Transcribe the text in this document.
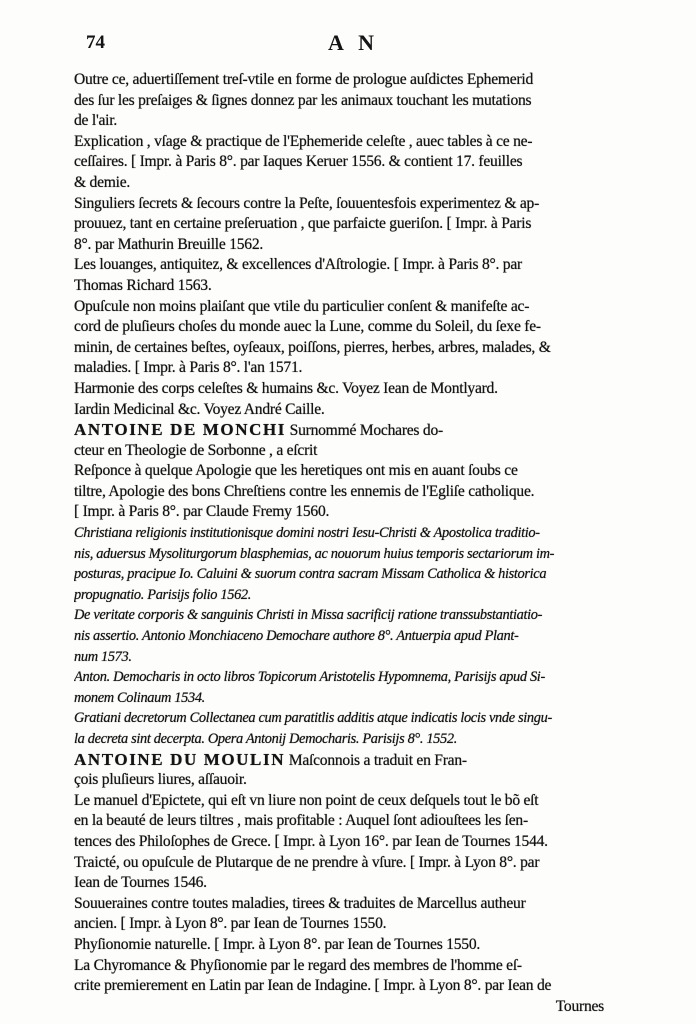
74	A N
Outre ce, aduertiſſement treſ-vtile en forme de prologue auſdictes Ephemerid
des ſur les preſaiges & ſignes donnez par les animaux touchant les mutations
de l'air.
Explication , vſage & practique de l'Ephemeride celeſte , auec tables à ce ne-
ceſſaires. [ Impr. à Paris 8°. par Iaques Keruer 1556. & contient 17. feuilles
& demie.
Singuliers ſecrets & ſecours contre la Peſte, ſouuentesfois experimentez & ap-
prouuez, tant en certaine preſeruation , que parfaicte gueriſon. [ Impr. à Paris
8°. par Mathurin Breuille 1562.
Les louanges, antiquitez, & excellences d'Aſtrologie. [ Impr. à Paris 8°. par
Thomas Richard 1563.
Opuſcule non moins plaiſant que vtile du particulier conſent & manifeſte ac-
cord de pluſieurs choſes du monde auec la Lune, comme du Soleil, du ſexe fe-
minin, de certaines beſtes, oyſeaux, poiſſons, pierres, herbes, arbres, malades, &
maladies. [ Impr. à Paris 8°. l'an 1571.
Harmonie des corps celeſtes & humains &c. Voyez Iean de Montlyard.
Iardin Medicinal &c. Voyez André Caille.
ANTOINE DE MONCHI Surnommé Mochares do-
cteur en Theologie de Sorbonne , a eſcrit
Reſponce à quelque Apologie que les heretiques ont mis en auant ſoubs ce
tiltre, Apologie des bons Chreſtiens contre les ennemis de l'Egliſe catholique.
[ Impr. à Paris 8°. par Claude Fremy 1560.
Christiana religionis institutionisque domini nostri Iesu-Christi & Apostolica traditio-
nis, aduersus Mysoliturgorum blasphemias, ac nouorum huius temporis sectariorum im-
posturas, pracipue Io. Caluini & suorum contra sacram Missam Catholica & historica
propugnatio. Parisijs folio 1562.
De veritate corporis & sanguinis Christi in Missa sacrificij ratione transsubstantiatio-
nis assertio. Antonio Monchiaceno Demochare authore 8°. Antuerpia apud Plant-
num 1573.
Anton. Democharis in octo libros Topicorum Aristotelis Hypomnema, Parisijs apud Si-
monem Colinaum 1534.
Gratiani decretorum Collectanea cum paratitlis additis atque indicatis locis vnde singu-
la decreta sint decerpta. Opera Antonij Democharis. Parisijs 8°. 1552.
ANTOINE DU MOULIN Maſconnois a traduit en Fran-
çois pluſieurs liures, aſſauoir.
Le manuel d'Epictete, qui eſt vn liure non point de ceux deſquels tout le bõ eſt
en la beauté de leurs tiltres , mais profitable : Auquel ſont adiouſtees les ſen-
tences des Philoſophes de Grece. [ Impr. à Lyon 16°. par Iean de Tournes 1544.
Traicté, ou opuſcule de Plutarque de ne prendre à vſure. [ Impr. à Lyon 8°. par
Iean de Tournes 1546.
Souueraines contre toutes maladies, tirees & traduites de Marcellus autheur
ancien. [ Impr. à Lyon 8°. par Iean de Tournes 1550.
Phyſionomie naturelle. [ Impr. à Lyon 8°. par Iean de Tournes 1550.
La Chyromance & Phyſionomie par le regard des membres de l'homme eſ-
crite premierement en Latin par Iean de Indagine. [ Impr. à Lyon 8°. par Iean de
Tournes
